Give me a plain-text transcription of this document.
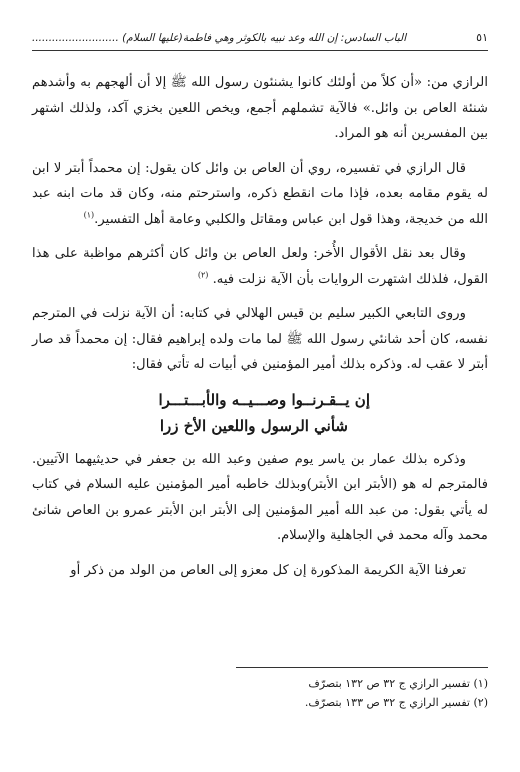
٥١
الباب السادس: إن الله وعد نبيه بالكوثر وهي فاطمة(عليها السلام) ..........................

الرازي من: «أن كلاً من أولئك كانوا يشنئون رسول الله ﷺ إلا أن ألهجهم به وأشدهم شنئة العاص بن وائل.» فالآية تشملهم أجمع، ويخص اللعين بخزي آكد، ولذلك اشتهر بين المفسرين أنه هو المراد.

قال الرازي في تفسيره، روي أن العاص بن وائل كان يقول: إن محمداً أبتر لا ابن له يقوم مقامه بعده، فإذا مات انقطع ذكره، واسترحتم منه، وكان قد مات ابنه عبد الله من خديجة، وهذا قول ابن عباس ومقاتل والكلبي وعامة أهل التفسير.$^{(١)}$

وقال بعد نقل الأقوال الأُخر: ولعل العاص بن وائل كان أكثرهم مواظبة على هذا القول، فلذلك اشتهرت الروايات بأن الآية نزلت فيه. $^{(٢)}$

وروى التابعي الكبير سليم بن قيس الهلالي في كتابه: أن الآية نزلت في المترجم نفسه، كان أحد شانئي رسول الله ﷺ لما مات ولده إبراهيم فقال: إن محمداً قد صار أبتر لا عقب له. وذكره بذلك أمير المؤمنين في أبيات له تأتي فقال:

إن يــقـرنــوا وصـــيــه والأبـــتـــرا
شأني الرسول واللعين الأخ زرا

وذكره بذلك عمار بن ياسر يوم صفين وعبد الله بن جعفر في حديثيهما الآتيين. فالمترجم له هو (الأبتر ابن الأبتر)وبذلك خاطبه أمير المؤمنين عليه السلام في كتاب له يأتي بقول: من عبد الله أمير المؤمنين إلى الأبتر ابن الأبتر عمرو بن العاص شانئ محمد وآله محمد في الجاهلية والإسلام.

تعرفنا الآية الكريمة المذكورة إن كل معزو إلى العاص من الولد من ذكر أو

(١) تفسير الرازي ج ٣٢ ص ١٣٢ بتصرّف
(٢) تفسير الرازي ج ٣٢ ص ١٣٣ بتصرّف.
